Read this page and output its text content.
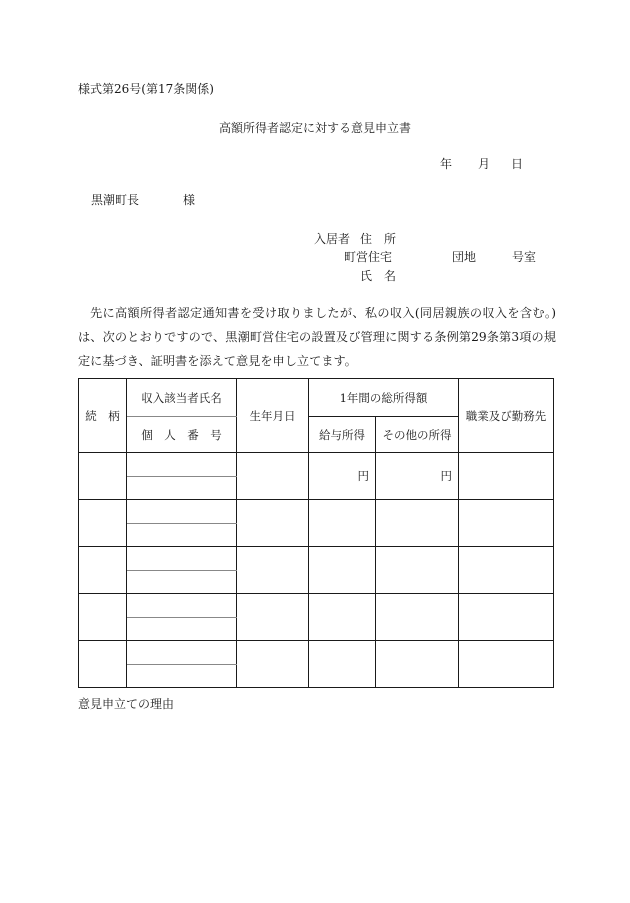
様式第26号(第17条関係)
高額所得者認定に対する意見申立書
年 月 日
黒潮町長	様
入居者 住　所
町営住宅	団地	号室
氏　名
先に高額所得者認定通知書を受け取りましたが、私の収入(同居親族の収入を含む。)は、次のとおりですので、黒潮町営住宅の設置及び管理に関する条例第29条第3項の規定に基づき、証明書を添えて意見を申し立てます。
続　柄	収入該当者氏名	生年月日	1年間の総所得額		職業及び勤務先
	個　人　番　号		給与所得	その他の所得	
			円	円	

意見申立ての理由
